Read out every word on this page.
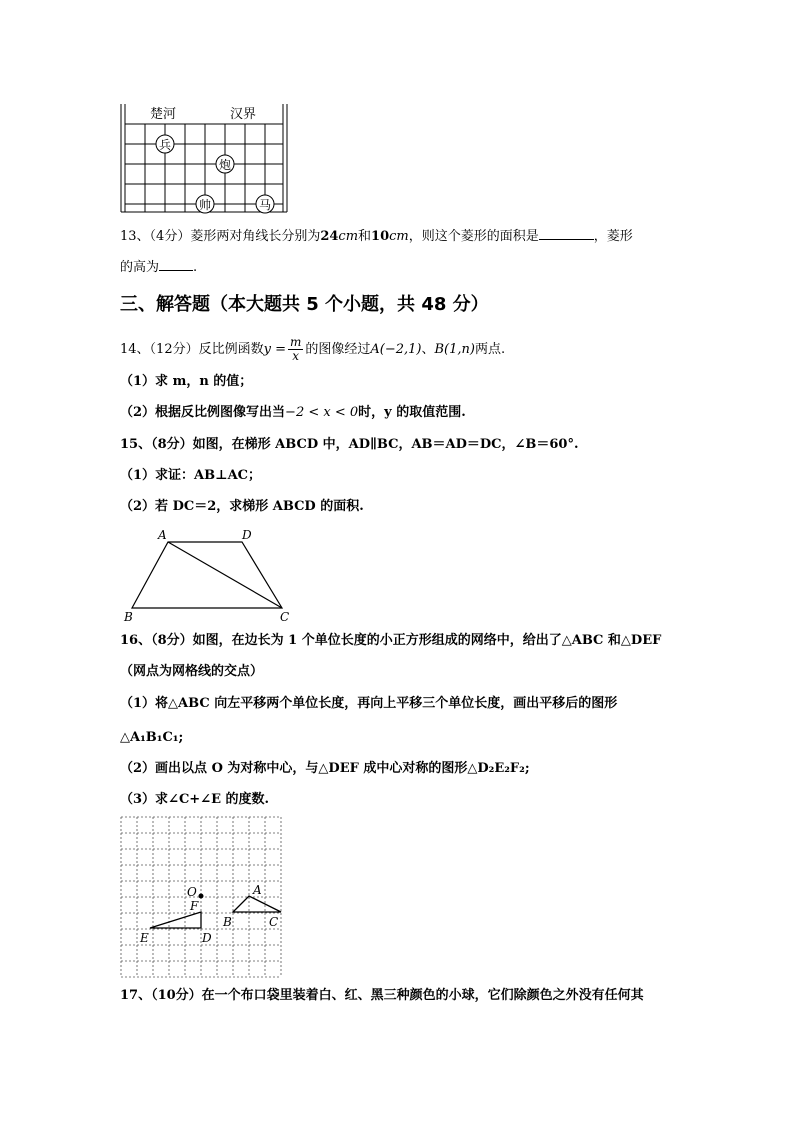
楚河	汉界
兵
炮
帅	马
13、（4分）菱形两对角线长分别为24cm和10cm，则这个菱形的面积是	，菱形
的高为	.
三、解答题（本大题共 5 个小题，共 48 分）
14、（12分）反比例函数$y = \frac{m}{x}$ 的图像经过A(−2,1)、B(1,n)两点.
（1）求 m，n 的值；
（2）根据反比例图像写出当−2 < x < 0时，y 的取值范围.
15、（8分）如图，在梯形 ABCD 中，AD∥BC，AB＝AD＝DC，∠B＝60°.
（1）求证：AB⊥AC；
（2）若 DC＝2，求梯形 ABCD 的面积.
A	D
B	C
16、（8分）如图，在边长为 1 个单位长度的小正方形组成的网络中，给出了△ABC 和△DEF
（网点为网格线的交点）
（1）将△ABC 向左平移两个单位长度，再向上平移三个单位长度，画出平移后的图形
△A₁B₁C₁;
（2）画出以点 O 为对称中心，与△DEF 成中心对称的图形△D₂E₂F₂;
（3）求∠C+∠E 的度数.
O
F
E	D
A
B	C
17、（10分）在一个布口袋里装着白、红、黑三种颜色的小球，它们除颜色之外没有任何其
